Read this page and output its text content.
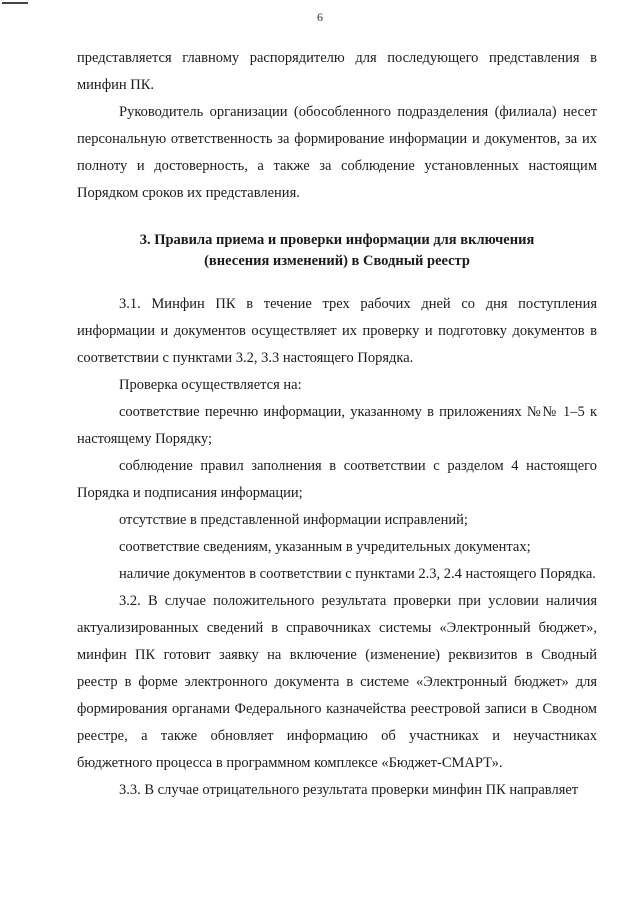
6

представляется главному распорядителю для последующего представления в минфин ПК.

Руководитель организации (обособленного подразделения (филиала) несет персональную ответственность за формирование информации и документов, за их полноту и достоверность, а также за соблюдение установленных настоящим Порядком сроков их представления.

3. Правила приема и проверки информации для включения
(внесения изменений) в Сводный реестр

3.1. Минфин ПК в течение трех рабочих дней со дня поступления информации и документов осуществляет их проверку и подготовку документов в соответствии с пунктами 3.2, 3.3 настоящего Порядка.

Проверка осуществляется на:

соответствие перечню информации, указанному в приложениях №№ 1–5 к настоящему Порядку;

соблюдение правил заполнения в соответствии с разделом 4 настоящего Порядка и подписания информации;

отсутствие в представленной информации исправлений;

соответствие сведениям, указанным в учредительных документах;

наличие документов в соответствии с пунктами 2.3, 2.4 настоящего Порядка.

3.2. В случае положительного результата проверки при условии наличия актуализированных сведений в справочниках системы «Электронный бюджет», минфин ПК готовит заявку на включение (изменение) реквизитов в Сводный реестр в форме электронного документа в системе «Электронный бюджет» для формирования органами Федерального казначейства реестровой записи в Сводном реестре, а также обновляет информацию об участниках и неучастниках бюджетного процесса в программном комплексе «Бюджет-СМАРТ».

3.3. В случае отрицательного результата проверки минфин ПК направляет
